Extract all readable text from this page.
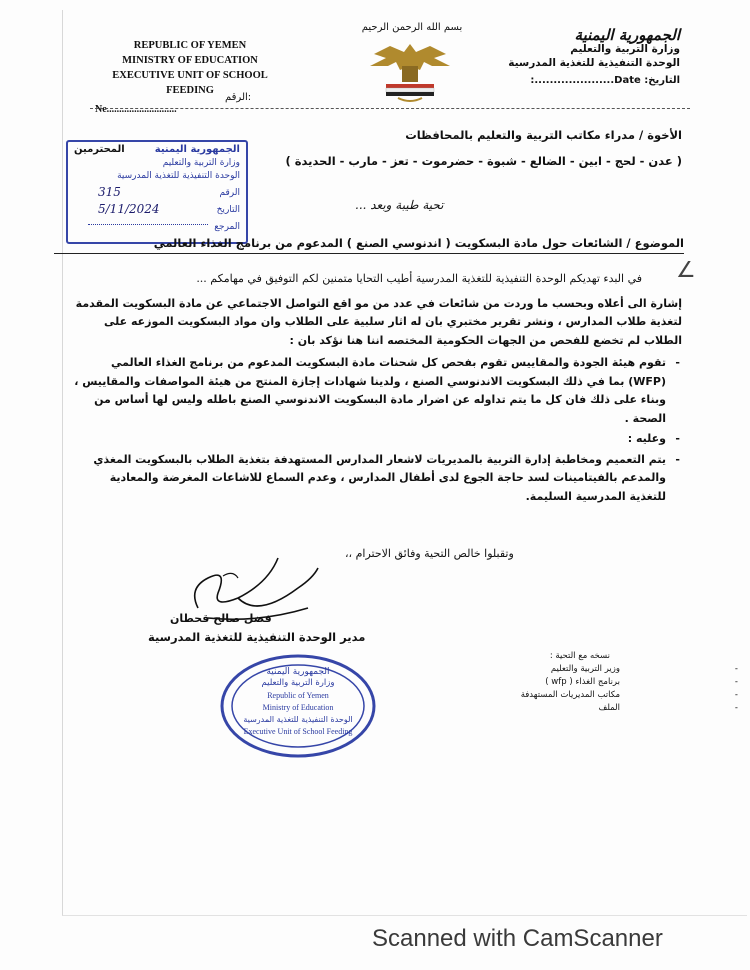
REPUBLIC OF YEMEN
MINISTRY OF EDUCATION
EXECUTIVE UNIT OF SCHOOL FEEDING
Ne............................
الرقم:
بسم الله الرحمن الرحيم	الجمهورية اليمنية
وزارة التربية والتعليم
الوحدة التنفيذية للتغذية المدرسية
التاريخ: Date.....................:
الجمهورية اليمنية
المحترمين
وزارة التربية والتعليم
الوحدة التنفيذية للتغذية المدرسية
الرقم
315
التاريخ
5/11/2024
المرجع
الأخوة / مدراء مكاتب التربية والتعليم بالمحافظات
( عدن - لحج - ابين - الضالع - شبوة - حضرموت - تعز - مارب - الحديدة )
تحية طيبة وبعد ...
الموضوع / الشائعات حول مادة البسكويت ( اندنوسي الصنع ) المدعوم من برنامج الغذاء العالمي
∠

في البدء تهديكم الوحدة التنفيذية للتغذية المدرسية أطيب التحايا متمنين لكم التوفيق في مهامكم ...

إشارة الى أعلاه وبحسب ما وردت من شائعات في عدد من مو اقع التواصل الاجتماعي عن مادة البسكويت المقدمة لتغذية طلاب المدارس ، ونشر تقرير مختبري بان له اثار سلبية على الطلاب وان مواد البسكويت الموزعه على الطلاب لم تخضع للفحص من الجهات الحكومية المختصه اننا هنا نؤكد بان :

- تقوم هيئة الجودة والمقاييس تقوم بفحص كل شحنات مادة البسكويت المدعوم من برنامج الغذاء العالمي (WFP) بما في ذلك البسكويت الاندنوسي الصنع ، ولدينا شهادات إجازة المنتج من هيئة المواصفات والمقاييس ، وبناء على ذلك فان كل ما يتم تداوله عن اضرار مادة البسكويت الاندنوسي الصنع باطله وليس لها أساس من الصحة .
- وعليه :
- يتم التعميم ومخاطبة إدارة التربية بالمديريات لاشعار المدارس المستهدفة بتغذية الطلاب بالبسكويت المغذي والمدعم بالفيتامينات لسد حاجة الجوع لدى أطفال المدارس ، وعدم السماع للاشاعات المغرضة والمعادية للتغذية المدرسية السليمة.
وتقبلوا خالص التحية وفائق الاحترام ،،
فضل صالح قحطان
مدير الوحدة التنفيذية للتغذية المدرسية
الجمهورية اليمنية
وزارة التربية والتعليم
Republic of Yemen
Ministry of Education
الوحدة التنفيذية للتغذية المدرسية
Executive Unit of School Feeding
نسخه مع التحية :
- وزير التربية والتعليم
- برنامج الغذاء ( wfp )
- مكاتب المديريات المستهدفة
- الملف
Scanned with CamScanner
